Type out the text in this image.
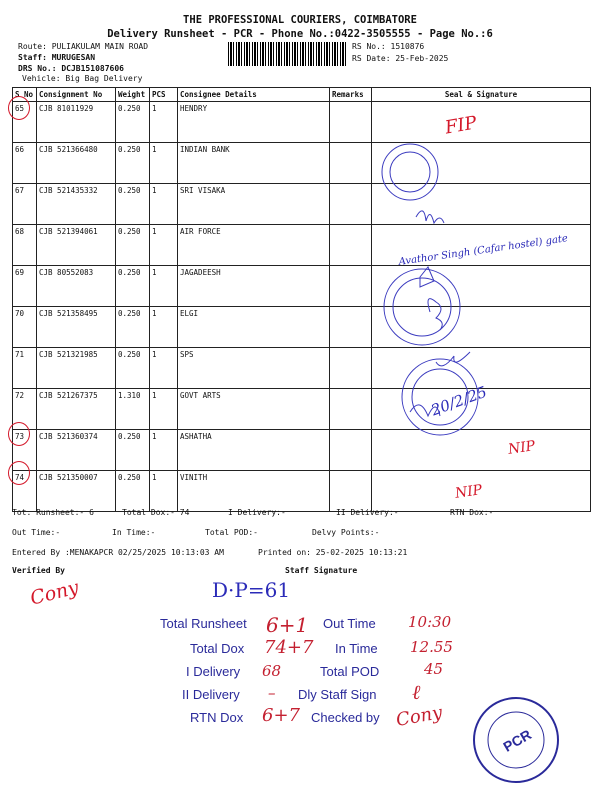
THE PROFESSIONAL COURIERS, COIMBATORE
Delivery Runsheet - PCR - Phone No.:0422-3505555 - Page No.:6
Route: PULIAKULAM MAIN ROAD
Staff: MURUGESAN
DRS No.: DCJB151087606
Vehicle: Big Bag Delivery
RS No.: 1510876
RS Date: 25-Feb-2025
S No	Consignment No	Weight	PCS	Consignee Details	Remarks	Seal & Signature
65	CJB 81011929	0.250	1	HENDRY		
66	CJB 521366480	0.250	1	INDIAN BANK		
67	CJB 521435332	0.250	1	SRI VISAKA		
68	CJB 521394061	0.250	1	AIR FORCE		
69	CJB 80552083	0.250	1	JAGADEESH		
70	CJB 521358495	0.250	1	ELGI		
71	CJB 521321985	0.250	1	SPS		
72	CJB 521267375	1.310	1	GOVT ARTS		
73	CJB 521360374	0.250	1	ASHATHA		
74	CJB 521350007	0.250	1	VINITH		
FIP
Avathor Singh (Cafar hostel) gate
20/2/25
NIP
NIP
Tot. Runsheet:- 6	Total Dox:- 74	I Delivery:-	II Delivery:-	RTN Dox:-
Out Time:-	In Time:-	Total POD:-	Delvy Points:-
Entered By :MENAKAPCR 02/25/2025 10:13:03 AM	Printed on: 25-02-2025 10:13:21
Verified By	Staff Signature
Cony	D·P=61
Total Runsheet 6+1
Total Dox 74+7
I Delivery 68
II Delivery –
RTN Dox 6+7
Out Time 10:30
In Time 12.55
Total POD	45
Dly Staff Sign ℓ
Checked by Cony
PCR
